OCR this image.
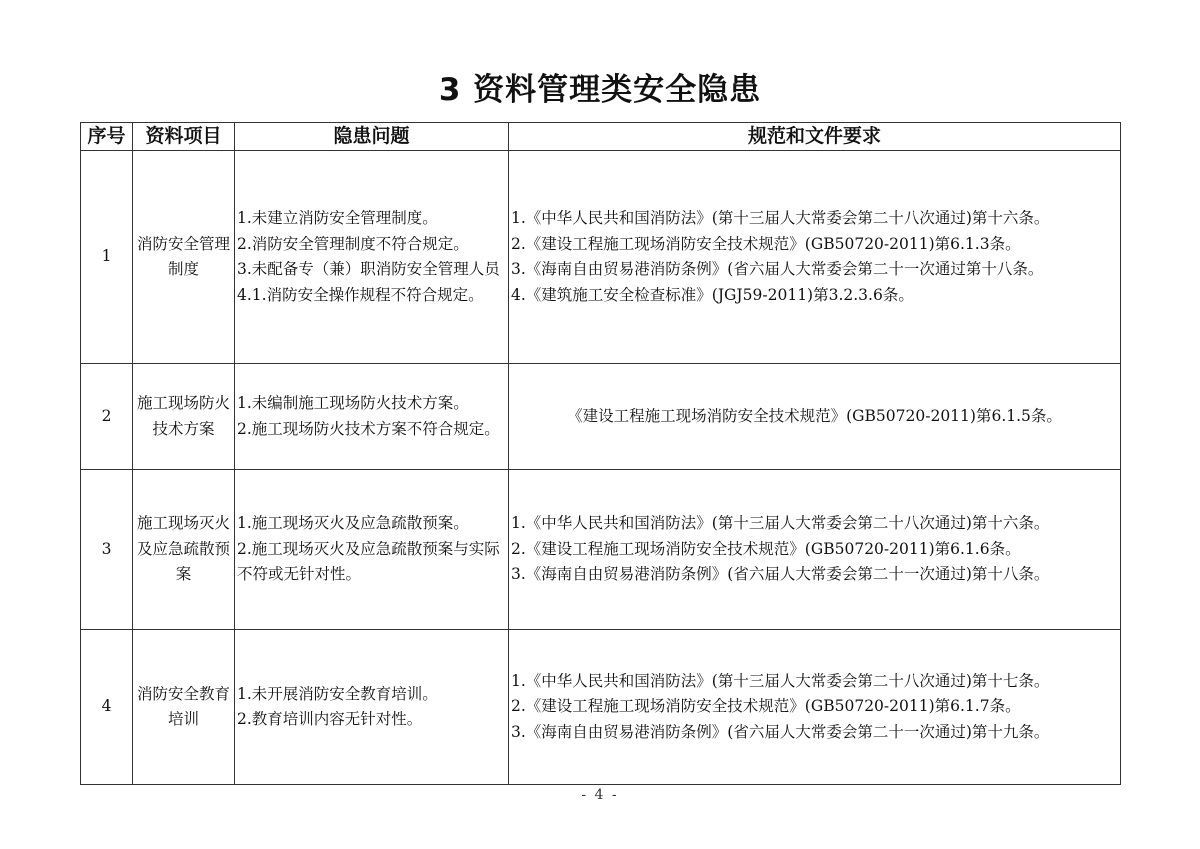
3 资料管理类安全隐患
序号	资料项目	隐患问题	规范和文件要求
1	消防安全管理制度	1.未建立消防安全管理制度。
2.消防安全管理制度不符合规定。
3.未配备专（兼）职消防安全管理人员
4.1.消防安全操作规程不符合规定。	1.《中华人民共和国消防法》(第十三届人大常委会第二十八次通过)第十六条。
2.《建设工程施工现场消防安全技术规范》(GB50720-2011)第6.1.3条。
3.《海南自由贸易港消防条例》(省六届人大常委会第二十一次通过第十八条。
4.《建筑施工安全检查标准》(JGJ59-2011)第3.2.3.6条。

2	施工现场防火技术方案	1.未编制施工现场防火技术方案。
2.施工现场防火技术方案不符合规定。	《建设工程施工现场消防安全技术规范》(GB50720-2011)第6.1.5条。

3	施工现场灭火及应急疏散预案	1.施工现场灭火及应急疏散预案。
2.施工现场灭火及应急疏散预案与实际不符或无针对性。	1.《中华人民共和国消防法》(第十三届人大常委会第二十八次通过)第十六条。
2.《建设工程施工现场消防安全技术规范》(GB50720-2011)第6.1.6条。
3.《海南自由贸易港消防条例》(省六届人大常委会第二十一次通过)第十八条。

4	消防安全教育培训	1.未开展消防安全教育培训。
2.教育培训内容无针对性。	1.《中华人民共和国消防法》(第十三届人大常委会第二十八次通过)第十七条。
2.《建设工程施工现场消防安全技术规范》(GB50720-2011)第6.1.7条。
3.《海南自由贸易港消防条例》(省六届人大常委会第二十一次通过)第十九条。
- 4 -
